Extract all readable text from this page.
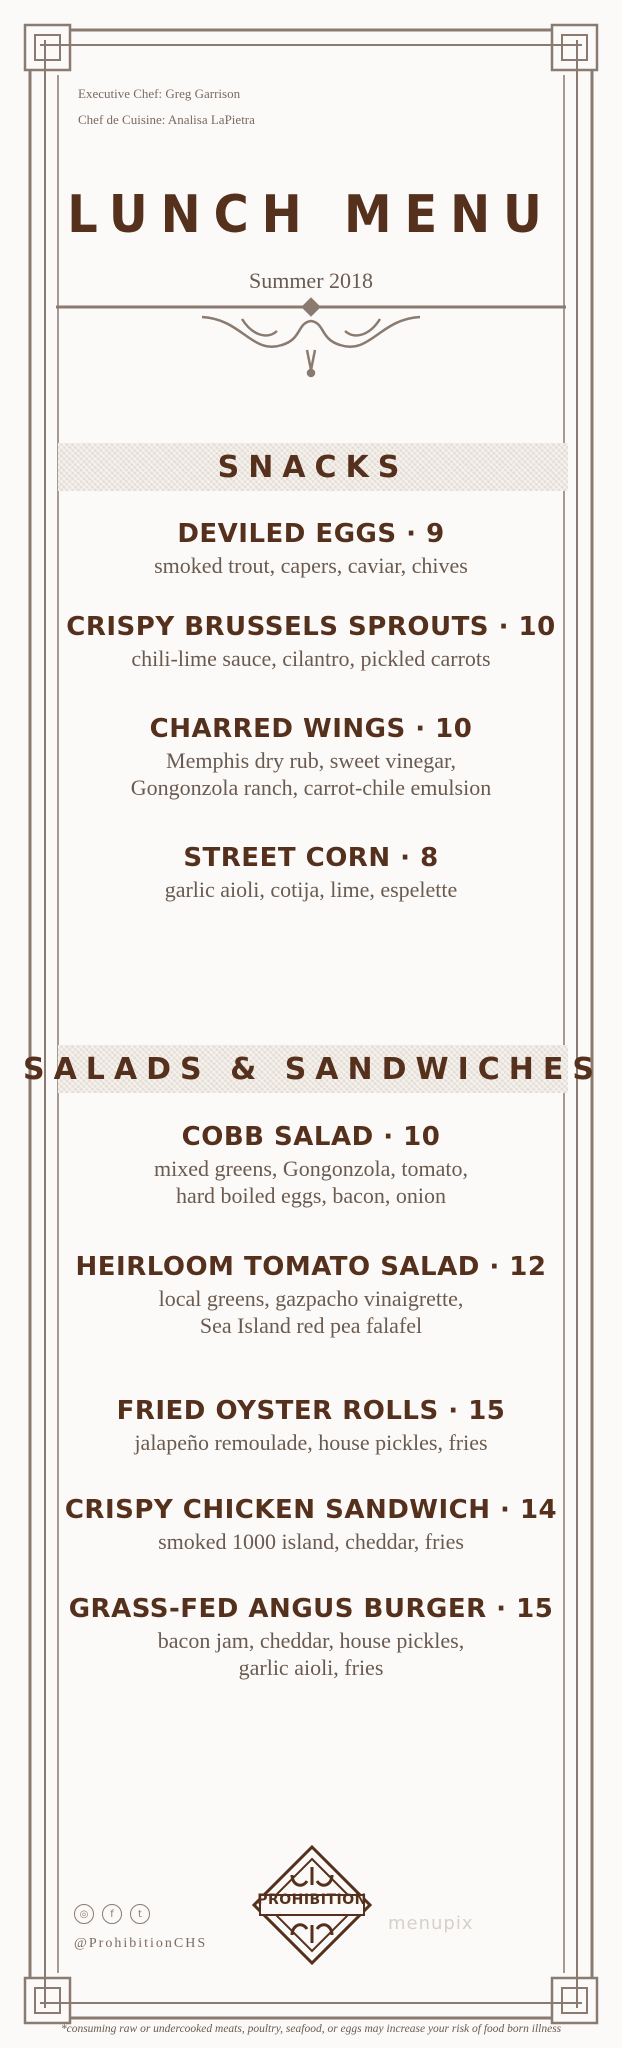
Executive Chef: Greg Garrison
Chef de Cuisine: Analisa LaPietra
LUNCH MENU
Summer 2018
SNACKS
DEVILED EGGS · 9
smoked trout, capers, caviar, chives
CRISPY BRUSSELS SPROUTS · 10
chili-lime sauce, cilantro, pickled carrots
CHARRED WINGS · 10
Memphis dry rub, sweet vinegar,
Gongonzola ranch, carrot-chile emulsion
STREET CORN · 8
garlic aioli, cotija, lime, espelette
SALADS & SANDWICHES
COBB SALAD · 10
mixed greens, Gongonzola, tomato,
hard boiled eggs, bacon, onion
HEIRLOOM TOMATO SALAD · 12
local greens, gazpacho vinaigrette,
Sea Island red pea falafel
FRIED OYSTER ROLLS · 15
jalapeño remoulade, house pickles, fries
CRISPY CHICKEN SANDWICH · 14
smoked 1000 island, cheddar, fries
GRASS-FED ANGUS BURGER · 15
bacon jam, cheddar, house pickles,
garlic aioli, fries
◎	f	t
@ProhibitionCHS
PROHIBITION
menupix
*consuming raw or undercooked meats, poultry, seafood, or eggs may increase your risk of food born illness
